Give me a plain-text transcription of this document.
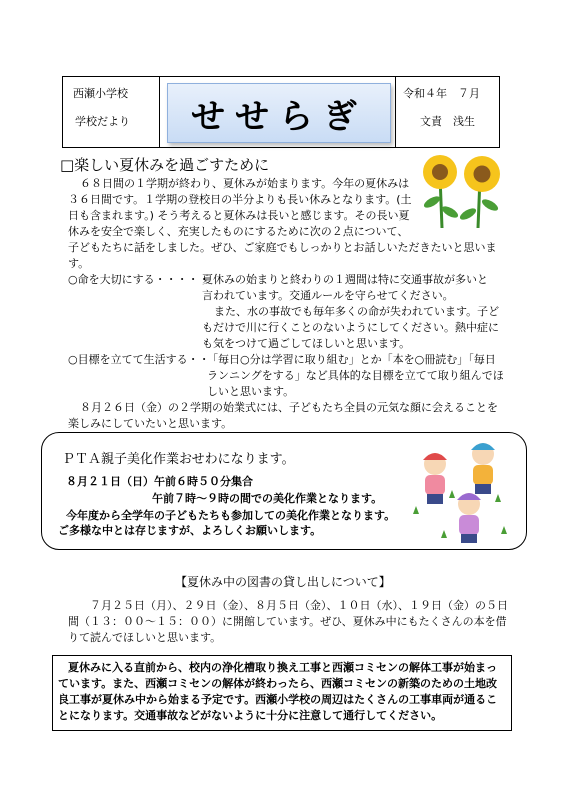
西瀬小学校
学校だより	せせらぎ
令和４年　７月
文責　浅生
□楽しい夏休みを過ごすために
６８日間の１学期が終わり、夏休みが始まります。今年の夏休みは
３６日間です。１学期の登校日の半分よりも長い休みとなります。(土
日も含まれます。) そう考えると夏休みは長いと感じます。その長い夏
休みを安全で楽しく、充実したものにするために次の２点について、
子どもたちに話をしました。ぜひ、ご家庭でもしっかりとお話しいただきたいと思いま
す。
○命を大切にする・・・・・
夏休みの始まりと終わりの１週間は特に交通事故が多いと
言われています。交通ルールを守らせてください。
また、水の事故でも毎年多くの命が失われています。子ど
もだけで川に行くことのないようにしてください。熱中症に
も気をつけて過ごしてほしいと思います。
○目標を立てて生活する・・
「毎日○分は学習に取り組む」とか「本を○冊読む」「毎日
ランニングをする」など具体的な目標を立てて取り組んでほ
しいと思います。
８月２６日（金）の２学期の始業式には、子どもたち全員の元気な顔に会えることを
楽しみにしていたいと思います。
ＰＴＡ親子美化作業おせわになります。
８月２１日（日）午前６時５０分集合
午前７時～９時の間での美化作業となります。
今年度から全学年の子どもたちも参加しての美化作業となります。
ご多様な中とは存じますが、よろしくお願いします。
【夏休み中の図書の貸し出しについて】
７月２５日（月）、２９日（金）、８月５日（金）、１０日（水）、１９日（金）の５日
間（１３：００～１５：００）に開館しています。ぜひ、夏休み中にもたくさんの本を借
りて読んでほしいと思います。
夏休みに入る直前から、校内の浄化槽取り換え工事と西瀬コミセンの解体工事が始まっ
ています。また、西瀬コミセンの解体が終わったら、西瀬コミセンの新築のための土地改
良工事が夏休み中から始まる予定です。西瀬小学校の周辺はたくさんの工事車両が通るこ
とになります。交通事故などがないように十分に注意して通行してください。
